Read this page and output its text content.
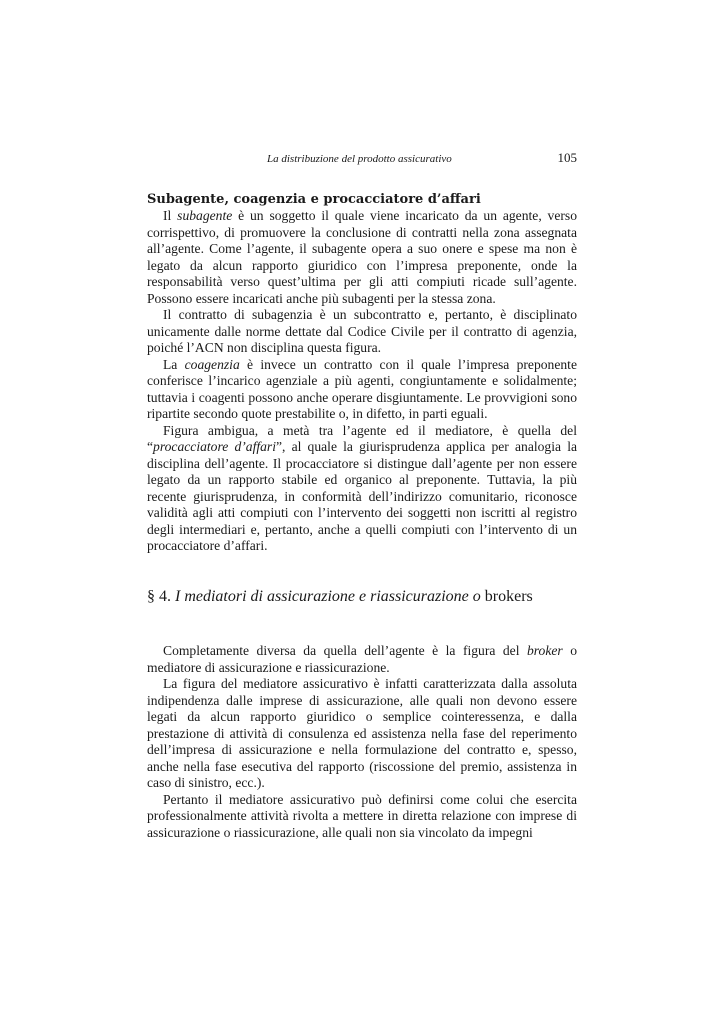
La distribuzione del prodotto assicurativo	105
Subagente, coagenzia e procacciatore d’affari

Il subagente è un soggetto il quale viene incaricato da un agente, verso corrispettivo, di promuovere la conclusione di contratti nella zona assegnata all’agente. Come l’agente, il subagente opera a suo onere e spese ma non è legato da alcun rapporto giuridico con l’impresa preponente, onde la responsabilità verso quest’ultima per gli atti compiuti ricade sull’agente. Possono essere incaricati anche più subagenti per la stessa zona.

Il contratto di subagenzia è un subcontratto e, pertanto, è disciplinato unicamente dalle norme dettate dal Codice Civile per il contratto di agenzia, poiché l’ACN non disciplina questa figura.

La coagenzia è invece un contratto con il quale l’impresa preponente conferisce l’incarico agenziale a più agenti, congiuntamente e solidalmente; tuttavia i coagenti possono anche operare disgiuntamente. Le provvigioni sono ripartite secondo quote prestabilite o, in difetto, in parti eguali.

Figura ambigua, a metà tra l’agente ed il mediatore, è quella del “procacciatore d’affari”, al quale la giurisprudenza applica per analogia la disciplina dell’agente. Il procacciatore si distingue dall’agente per non essere legato da un rapporto stabile ed organico al preponente. Tuttavia, la più recente giurisprudenza, in conformità dell’indirizzo comunitario, riconosce validità agli atti compiuti con l’intervento dei soggetti non iscritti al registro degli intermediari e, pertanto, anche a quelli compiuti con l’intervento di un procacciatore d’affari.

§ 4. I mediatori di assicurazione e riassicurazione o brokers

Completamente diversa da quella dell’agente è la figura del broker o mediatore di assicurazione e riassicurazione.

La figura del mediatore assicurativo è infatti caratterizzata dalla assoluta indipendenza dalle imprese di assicurazione, alle quali non devono essere legati da alcun rapporto giuridico o semplice cointeressenza, e dalla prestazione di attività di consulenza ed assistenza nella fase del reperimento dell’impresa di assicurazione e nella formulazione del contratto e, spesso, anche nella fase esecutiva del rapporto (riscossione del premio, assistenza in caso di sinistro, ecc.).

Pertanto il mediatore assicurativo può definirsi come colui che esercita professionalmente attività rivolta a mettere in diretta relazione con imprese di assicurazione o riassicurazione, alle quali non sia vincolato da impegni
